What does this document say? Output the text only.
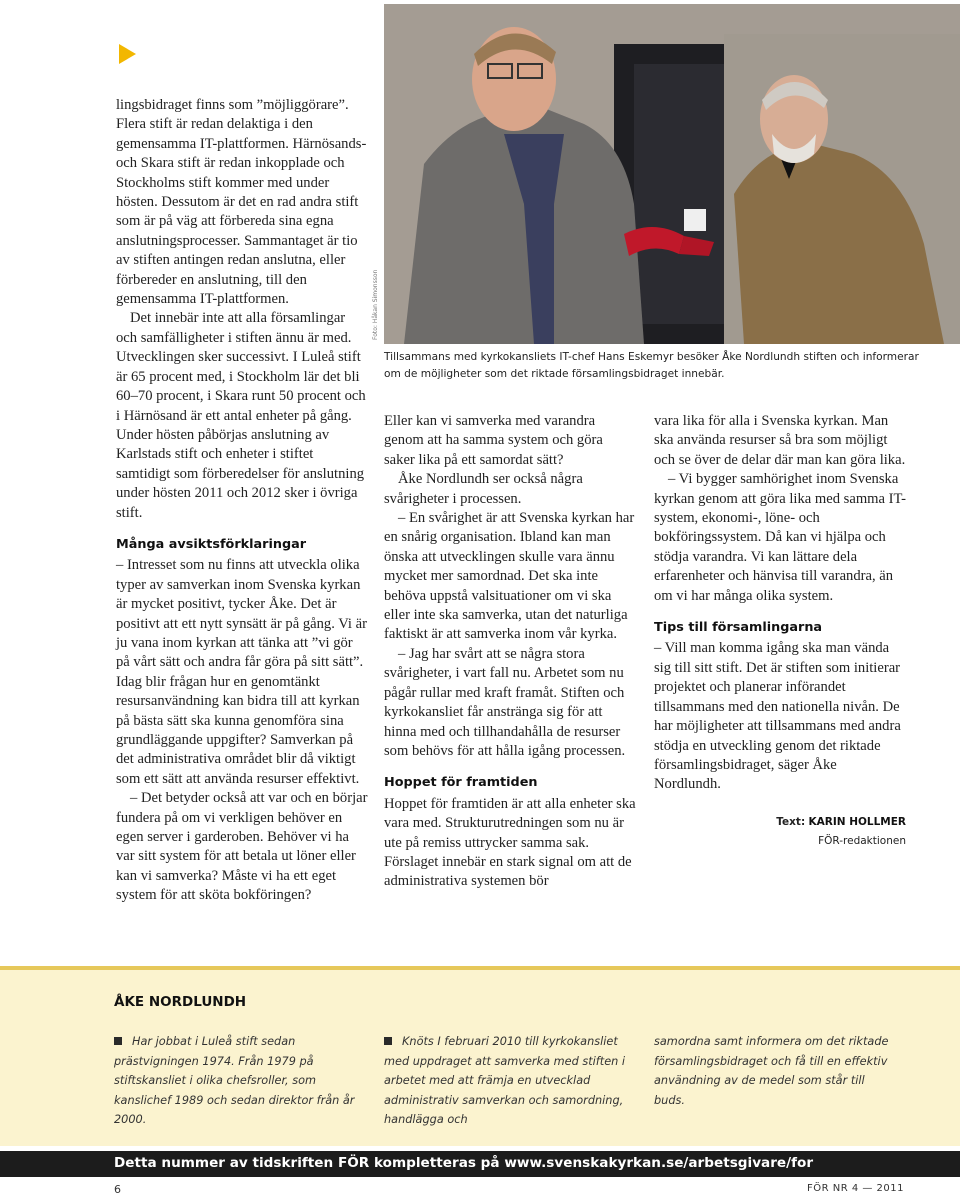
lingsbidraget finns som ”möjliggörare”. Flera stift är redan delaktiga i den gemensamma IT-plattformen. Härnösands- och Skara stift är redan inkopplade och Stockholms stift kommer med under hösten. Dessutom är det en rad andra stift som är på väg att förbereda sina egna anslutningsprocesser. Sammantaget är tio av stiften antingen redan anslutna, eller förbereder en anslutning, till den gemensamma IT-plattformen.

Det innebär inte att alla församlingar och samfälligheter i stiften ännu är med. Utvecklingen sker successivt. I Luleå stift är 65 procent med, i Stockholm lär det bli 60–70 procent, i Skara runt 50 procent och i Härnösand är ett antal enheter på gång. Under hösten påbörjas anslutning av Karlstads stift och enheter i stiftet samtidigt som förberedelser för anslutning under hösten 2011 och 2012 sker i övriga stift.

Många avsiktsförklaringar

– Intresset som nu finns att utveckla olika typer av samverkan inom Svenska kyrkan är mycket positivt, tycker Åke. Det är positivt att ett nytt synsätt är på gång. Vi är ju vana inom kyrkan att tänka att ”vi gör på vårt sätt och andra får göra på sitt sätt”. Idag blir frågan hur en genomtänkt resursanvändning kan bidra till att kyrkan på bästa sätt ska kunna genomföra sina grundläggande uppgifter? Samverkan på det administrativa området blir då viktigt som ett sätt att använda resurser effektivt.

– Det betyder också att var och en börjar fundera på om vi verkligen behöver en egen server i garderoben. Behöver vi ha var sitt system för att betala ut löner eller kan vi samverka? Måste vi ha ett eget system för att sköta bokföringen?

Foto: Håkan Simonsson
Tillsammans med kyrkokansliets IT-chef Hans Eskemyr besöker Åke Nordlundh stiften och informerar om de möjligheter som det riktade församlingsbidraget innebär.

Eller kan vi samverka med varandra genom att ha samma system och göra saker lika på ett samordat sätt?

Åke Nordlundh ser också några svårigheter i processen.

– En svårighet är att Svenska kyrkan har en snårig organisation. Ibland kan man önska att utvecklingen skulle vara ännu mycket mer samordnad. Det ska inte behöva uppstå valsituationer om vi ska eller inte ska samverka, utan det naturliga faktiskt är att samverka inom vår kyrka.

– Jag har svårt att se några stora svårigheter, i vart fall nu. Arbetet som nu pågår rullar med kraft framåt. Stiften och kyrkokansliet får anstränga sig för att hinna med och tillhandahålla de resurser som behövs för att hålla igång processen.

Hoppet för framtiden

Hoppet för framtiden är att alla enheter ska vara med. Strukturutredningen som nu är ute på remiss uttrycker samma sak. Förslaget innebär en stark signal om att de administrativa systemen bör

vara lika för alla i Svenska kyrkan. Man ska använda resurser så bra som möjligt och se över de delar där man kan göra lika.

– Vi bygger samhörighet inom Svenska kyrkan genom att göra lika med samma IT-system, ekonomi-, löne- och bokföringssystem. Då kan vi hjälpa och stödja varandra. Vi kan lättare dela erfarenheter och hänvisa till varandra, än om vi har många olika system.

Tips till församlingarna

– Vill man komma igång ska man vända sig till sitt stift. Det är stiften som initierar projektet och planerar införandet tillsammans med den nationella nivån. De har möjligheter att tillsammans med andra stödja en utveckling genom det riktade församlingsbidraget, säger Åke Nordlundh.

Text: KARIN HOLLMER
FÖR-redaktionen
ÅKE NORDLUNDH
Har jobbat i Luleå stift sedan prästvigningen 1974. Från 1979 på stiftskansliet i olika chefsroller, som kanslichef 1989 och sedan direktor från år 2000.
Knöts I februari 2010 till kyrkokansliet med uppdraget att samverka med stiften i arbetet med att främja en utvecklad administrativ samverkan och samordning, handlägga och
samordna samt informera om det riktade församlingsbidraget och få till en effektiv användning av de medel som står till buds.
Detta nummer av tidskriften FÖR kompletteras på www.svenskakyrkan.se/arbetsgivare/for
6	FÖR NR 4 — 2011
